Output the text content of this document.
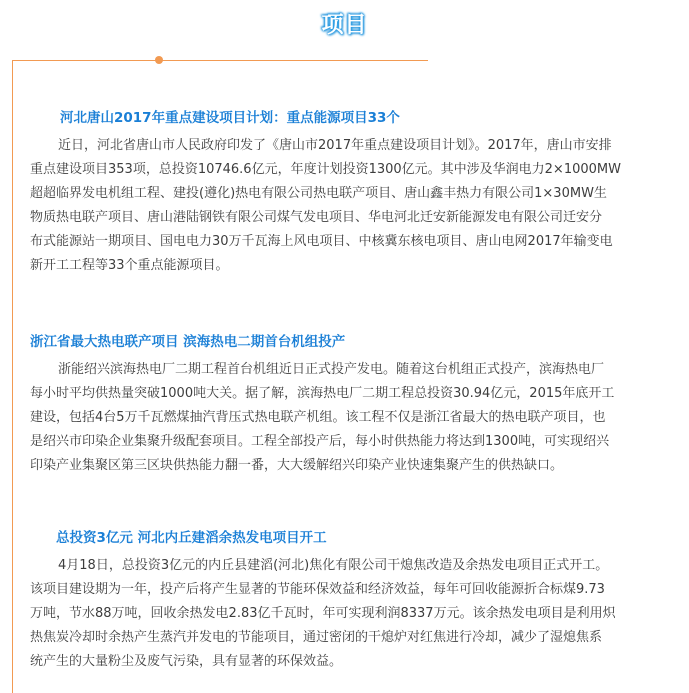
项目
河北唐山2017年重点建设项目计划：重点能源项目33个
近日，河北省唐山市人民政府印发了《唐山市2017年重点建设项目计划》。2017年，唐山市安排
重点建设项目353项，总投资10746.6亿元，年度计划投资1300亿元。其中涉及华润电力2×1000MW
超超临界发电机组工程、建投(遵化)热电有限公司热电联产项目、唐山鑫丰热力有限公司1×30MW生
物质热电联产项目、唐山港陆钢铁有限公司煤气发电项目、华电河北迁安新能源发电有限公司迁安分
布式能源站一期项目、国电电力30万千瓦海上风电项目、中核冀东核电项目、唐山电网2017年输变电
新开工工程等33个重点能源项目。
浙江省最大热电联产项目 滨海热电二期首台机组投产
浙能绍兴滨海热电厂二期工程首台机组近日正式投产发电。随着这台机组正式投产，滨海热电厂
每小时平均供热量突破1000吨大关。据了解，滨海热电厂二期工程总投资30.94亿元，2015年底开工
建设，包括4台5万千瓦燃煤抽汽背压式热电联产机组。该工程不仅是浙江省最大的热电联产项目，也
是绍兴市印染企业集聚升级配套项目。工程全部投产后，每小时供热能力将达到1300吨，可实现绍兴
印染产业集聚区第三区块供热能力翻一番，大大缓解绍兴印染产业快速集聚产生的供热缺口。
总投资3亿元 河北内丘建滔余热发电项目开工
4月18日，总投资3亿元的内丘县建滔(河北)焦化有限公司干熄焦改造及余热发电项目正式开工。
该项目建设期为一年，投产后将产生显著的节能环保效益和经济效益，每年可回收能源折合标煤9.73
万吨，节水88万吨，回收余热发电2.83亿千瓦时，年可实现利润8337万元。该余热发电项目是利用炽
热焦炭冷却时余热产生蒸汽并发电的节能项目，通过密闭的干熄炉对红焦进行冷却，减少了湿熄焦系
统产生的大量粉尘及废气污染，具有显著的环保效益。
